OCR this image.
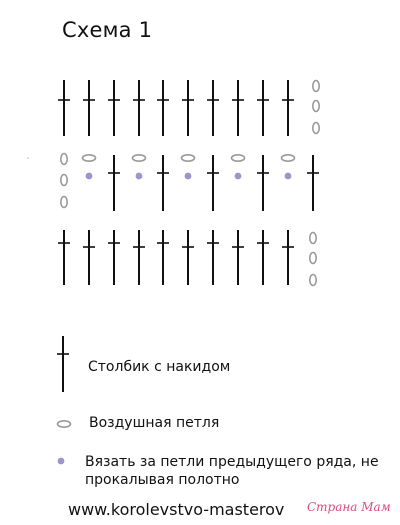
Схема 1
Столбик с накидом
Воздушная петля
Вязать за петли предыдущего ряда, не прокалывая полотно
www.korolevstvo-masterov Страна Мам
